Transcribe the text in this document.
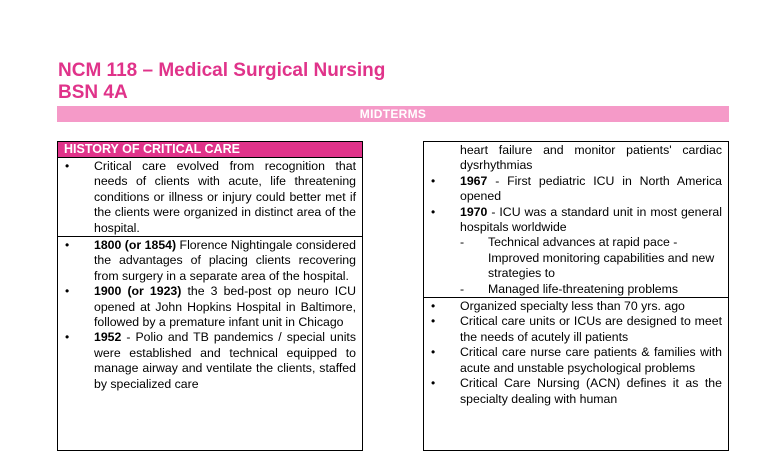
NCM 118 – Medical Surgical Nursing
BSN 4A
MIDTERMS
HISTORY OF CRITICAL CARE
• Critical care evolved from recognition that needs of clients with acute, life threatening conditions or illness or injury could better met if the clients were organized in distinct area of the hospital.
• 1800 (or 1854) Florence Nightingale considered the advantages of placing clients recovering from surgery in a separate area of the hospital.
• 1900 (or 1923) the 3 bed-post op neuro ICU opened at John Hopkins Hospital in Baltimore, followed by a premature infant unit in Chicago
• 1952 - Polio and TB pandemics / special units were established and technical equipped to manage airway and ventilate the clients, staffed by specialized care
heart failure and monitor patients' cardiac dysrhythmias
• 1967 - First pediatric ICU in North America opened
• 1970 - ICU was a standard unit in most general hospitals worldwide
- Technical advances at rapid pace - Improved monitoring capabilities and new strategies to
- Managed life-threatening problems
• Organized specialty less than 70 yrs. ago
• Critical care units or ICUs are designed to meet the needs of acutely ill patients
• Critical care nurse care patients & families with acute and unstable psychological problems
• Critical Care Nursing (ACN) defines it as the specialty dealing with human
